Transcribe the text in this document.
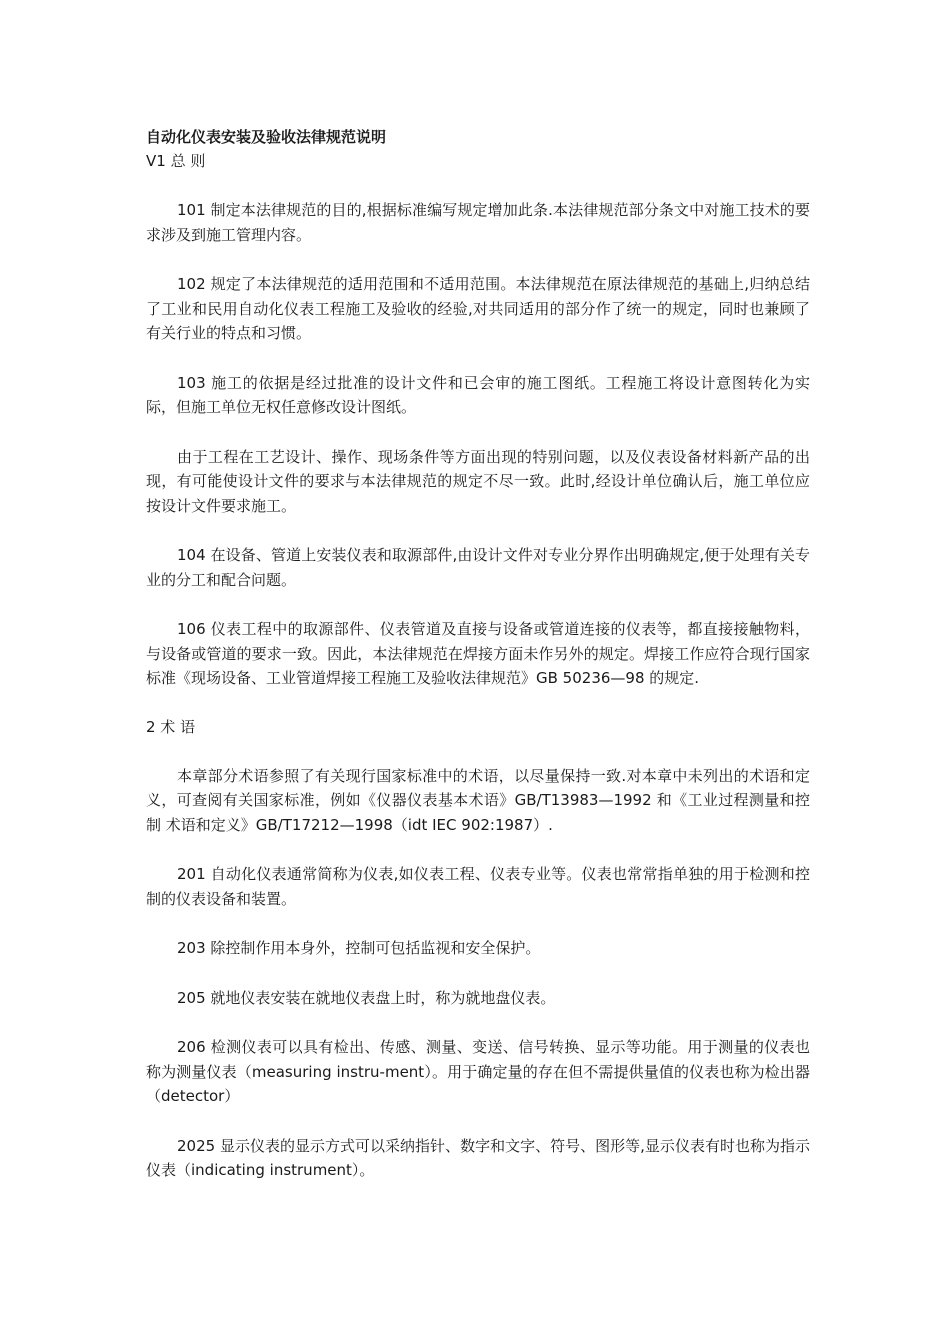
自动化仪表安装及验收法律规范说明

V1 总 则

101 制定本法律规范的目的,根据标准编写规定增加此条.本法律规范部分条文中对施工技术的要求涉及到施工管理内容。

102 规定了本法律规范的适用范围和不适用范围。本法律规范在原法律规范的基础上,归纳总结了工业和民用自动化仪表工程施工及验收的经验,对共同适用的部分作了统一的规定，同时也兼顾了有关行业的特点和习惯。

103 施工的依据是经过批准的设计文件和已会审的施工图纸。工程施工将设计意图转化为实际，但施工单位无权任意修改设计图纸。

由于工程在工艺设计、操作、现场条件等方面出现的特别问题，以及仪表设备材料新产品的出现，有可能使设计文件的要求与本法律规范的规定不尽一致。此时,经设计单位确认后，施工单位应按设计文件要求施工。

104 在设备、管道上安装仪表和取源部件,由设计文件对专业分界作出明确规定,便于处理有关专业的分工和配合问题。

106 仪表工程中的取源部件、仪表管道及直接与设备或管道连接的仪表等，都直接接触物料，与设备或管道的要求一致。因此，本法律规范在焊接方面未作另外的规定。焊接工作应符合现行国家标准《现场设备、工业管道焊接工程施工及验收法律规范》GB 50236—98 的规定.

2 术 语

本章部分术语参照了有关现行国家标准中的术语，以尽量保持一致.对本章中未列出的术语和定义，可查阅有关国家标准，例如《仪器仪表基本术语》GB/T13983—1992 和《工业过程测量和控制 术语和定义》GB/T17212—1998（idt IEC 902:1987）.

201 自动化仪表通常简称为仪表,如仪表工程、仪表专业等。仪表也常常指单独的用于检测和控制的仪表设备和装置。

203 除控制作用本身外，控制可包括监视和安全保护。

205 就地仪表安装在就地仪表盘上时，称为就地盘仪表。

206 检测仪表可以具有检出、传感、测量、变送、信号转换、显示等功能。用于测量的仪表也称为测量仪表（measuring instru-ment）。用于确定量的存在但不需提供量值的仪表也称为检出器（detector）

2025 显示仪表的显示方式可以采纳指针、数字和文字、符号、图形等,显示仪表有时也称为指示仪表（indicating instrument）。
